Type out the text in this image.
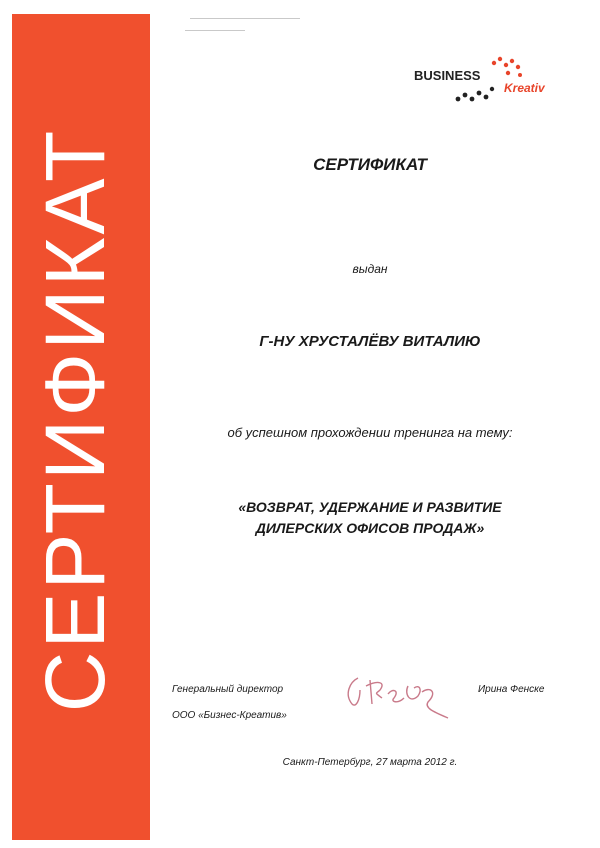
СЕРТИФИКАТ
BUSINESS
Kreativ
СЕРТИФИКАТ
выдан
Г-НУ ХРУСТАЛЁВУ ВИТАЛИЮ
об успешном прохождении тренинга на тему:
«ВОЗВРАТ, УДЕРЖАНИЕ И РАЗВИТИЕ
ДИЛЕРСКИХ ОФИСОВ ПРОДАЖ»
Генеральный директор
ООО «Бизнес-Креатив»
Ирина Фенске
Санкт-Петербург, 27 марта 2012 г.
